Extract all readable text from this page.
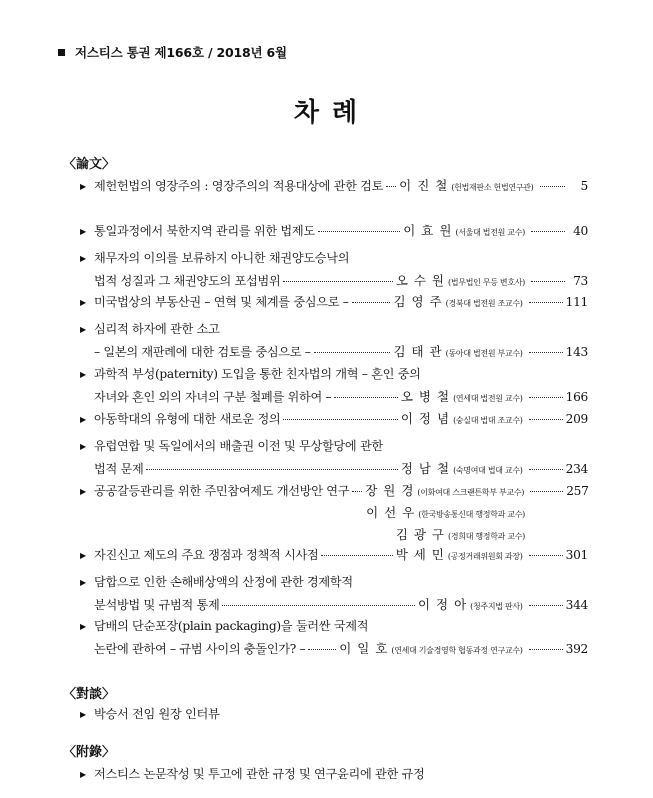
저스티스 통권 제166호 / 2018년 6월
차 례
〈論文〉
〈對談〉
〈附錄〉
▶ 제헌헌법의 영장주의 : 영장주의의 적용대상에 관한 검토 이 진 철 (헌법재판소 헌법연구관)	5
▶ 통일과정에서 북한지역 관리를 위한 법제도	이 효 원 (서울대 법전원 교수)	40
▶ 채무자의 이의를 보류하지 아니한 채권양도승낙의
법적 성질과 그 채권양도의 포섭범위	오 수 원 (법무법인 무등 변호사)	73
▶ 미국법상의 부동산권 – 연혁 및 체계를 중심으로 –	김 영 주 (경북대 법전원 조교수)	111
▶ 심리적 하자에 관한 소고
– 일본의 재판례에 대한 검토를 중심으로 –	김 태 관 (동아대 법전원 부교수)	143
▶ 과학적 부성(paternity) 도입을 통한 친자법의 개혁 – 혼인 중의
자녀와 혼인 외의 자녀의 구분 철폐를 위하여 –	오 병 철 (연세대 법전원 교수)	166
▶ 아동학대의 유형에 대한 새로운 정의	이 정 념 (숭실대 법대 조교수)	209
▶ 유럽연합 및 독일에서의 배출권 이전 및 무상할당에 관한
법적 문제	정 남 철 (숙명여대 법대 교수)	234
▶ 공공갈등관리를 위한 주민참여제도 개선방안 연구 장 원 경 (이화여대 스크랜튼학부 부교수)	257
이 선 우 (한국방송통신대 행정학과 교수)
김 광 구 (경희대 행정학과 교수)
▶ 자진신고 제도의 주요 쟁점과 정책적 시사점	박 세 민 (공정거래위원회 과장)	301
▶ 담합으로 인한 손해배상액의 산정에 관한 경제학적
분석방법 및 규범적 통제	이 정 아 (청주지법 판사)	344
▶ 담배의 단순포장(plain packaging)을 둘러싼 국제적
논란에 관하여 – 규범 사이의 충돌인가? –	이 일 호 (연세대 기술경영학 협동과정 연구교수)	392
▶ 박승서 전임 원장 인터뷰
▶ 저스티스 논문작성 및 투고에 관한 규정 및 연구윤리에 관한 규정
